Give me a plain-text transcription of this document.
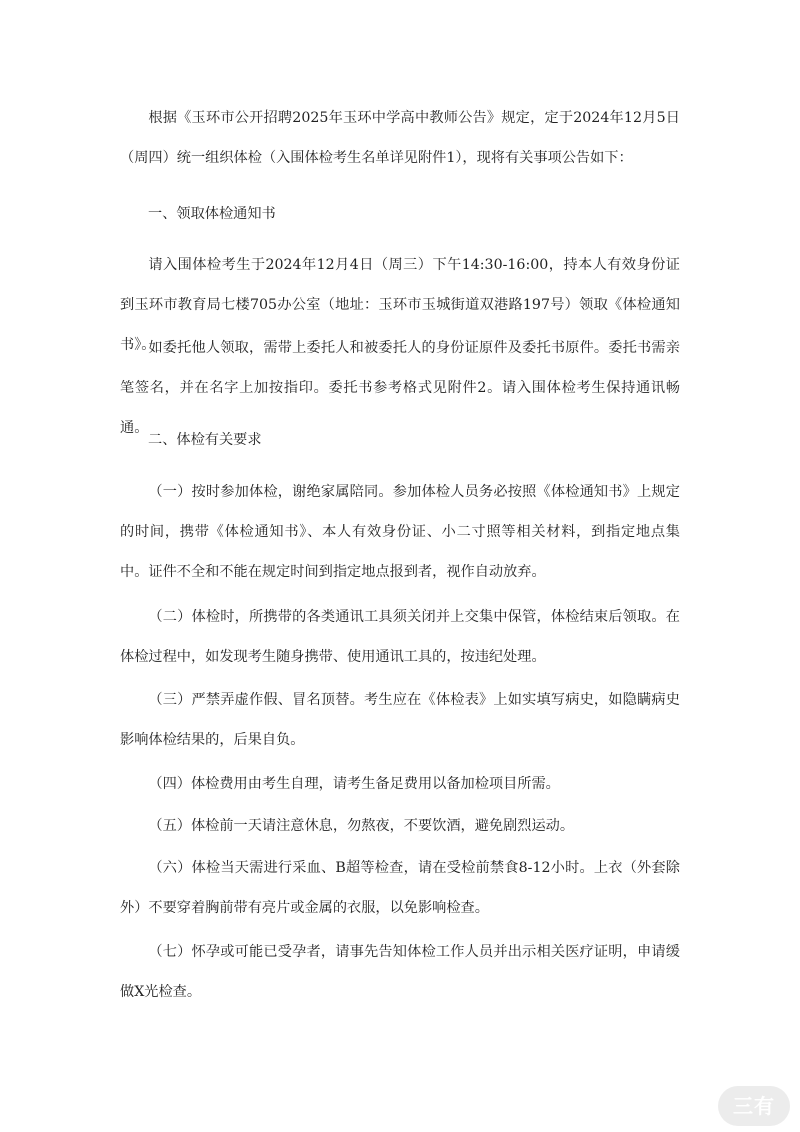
根据《玉环市公开招聘2025年玉环中学高中教师公告》规定，定于2024年12月5日（周四）统一组织体检（入围体检考生名单详见附件1），现将有关事项公告如下：

一、领取体检通知书

请入围体检考生于2024年12月4日（周三）下午14:30-16:00，持本人有效身份证到玉环市教育局七楼705办公室（地址：玉环市玉城街道双港路197号）领取《体检通知书》。

如委托他人领取，需带上委托人和被委托人的身份证原件及委托书原件。委托书需亲笔签名，并在名字上加按指印。委托书参考格式见附件2。请入围体检考生保持通讯畅通。

二、体检有关要求

（一）按时参加体检，谢绝家属陪同。参加体检人员务必按照《体检通知书》上规定的时间，携带《体检通知书》、本人有效身份证、小二寸照等相关材料，到指定地点集中。证件不全和不能在规定时间到指定地点报到者，视作自动放弃。

（二）体检时，所携带的各类通讯工具须关闭并上交集中保管，体检结束后领取。在体检过程中，如发现考生随身携带、使用通讯工具的，按违纪处理。

（三）严禁弄虚作假、冒名顶替。考生应在《体检表》上如实填写病史，如隐瞒病史影响体检结果的，后果自负。

（四）体检费用由考生自理，请考生备足费用以备加检项目所需。

（五）体检前一天请注意休息，勿熬夜，不要饮酒，避免剧烈运动。

（六）体检当天需进行采血、B超等检查，请在受检前禁食8-12小时。上衣（外套除外）不要穿着胸前带有亮片或金属的衣服，以免影响检查。

（七）怀孕或可能已受孕者，请事先告知体检工作人员并出示相关医疗证明，申请缓做X光检查。

三有
